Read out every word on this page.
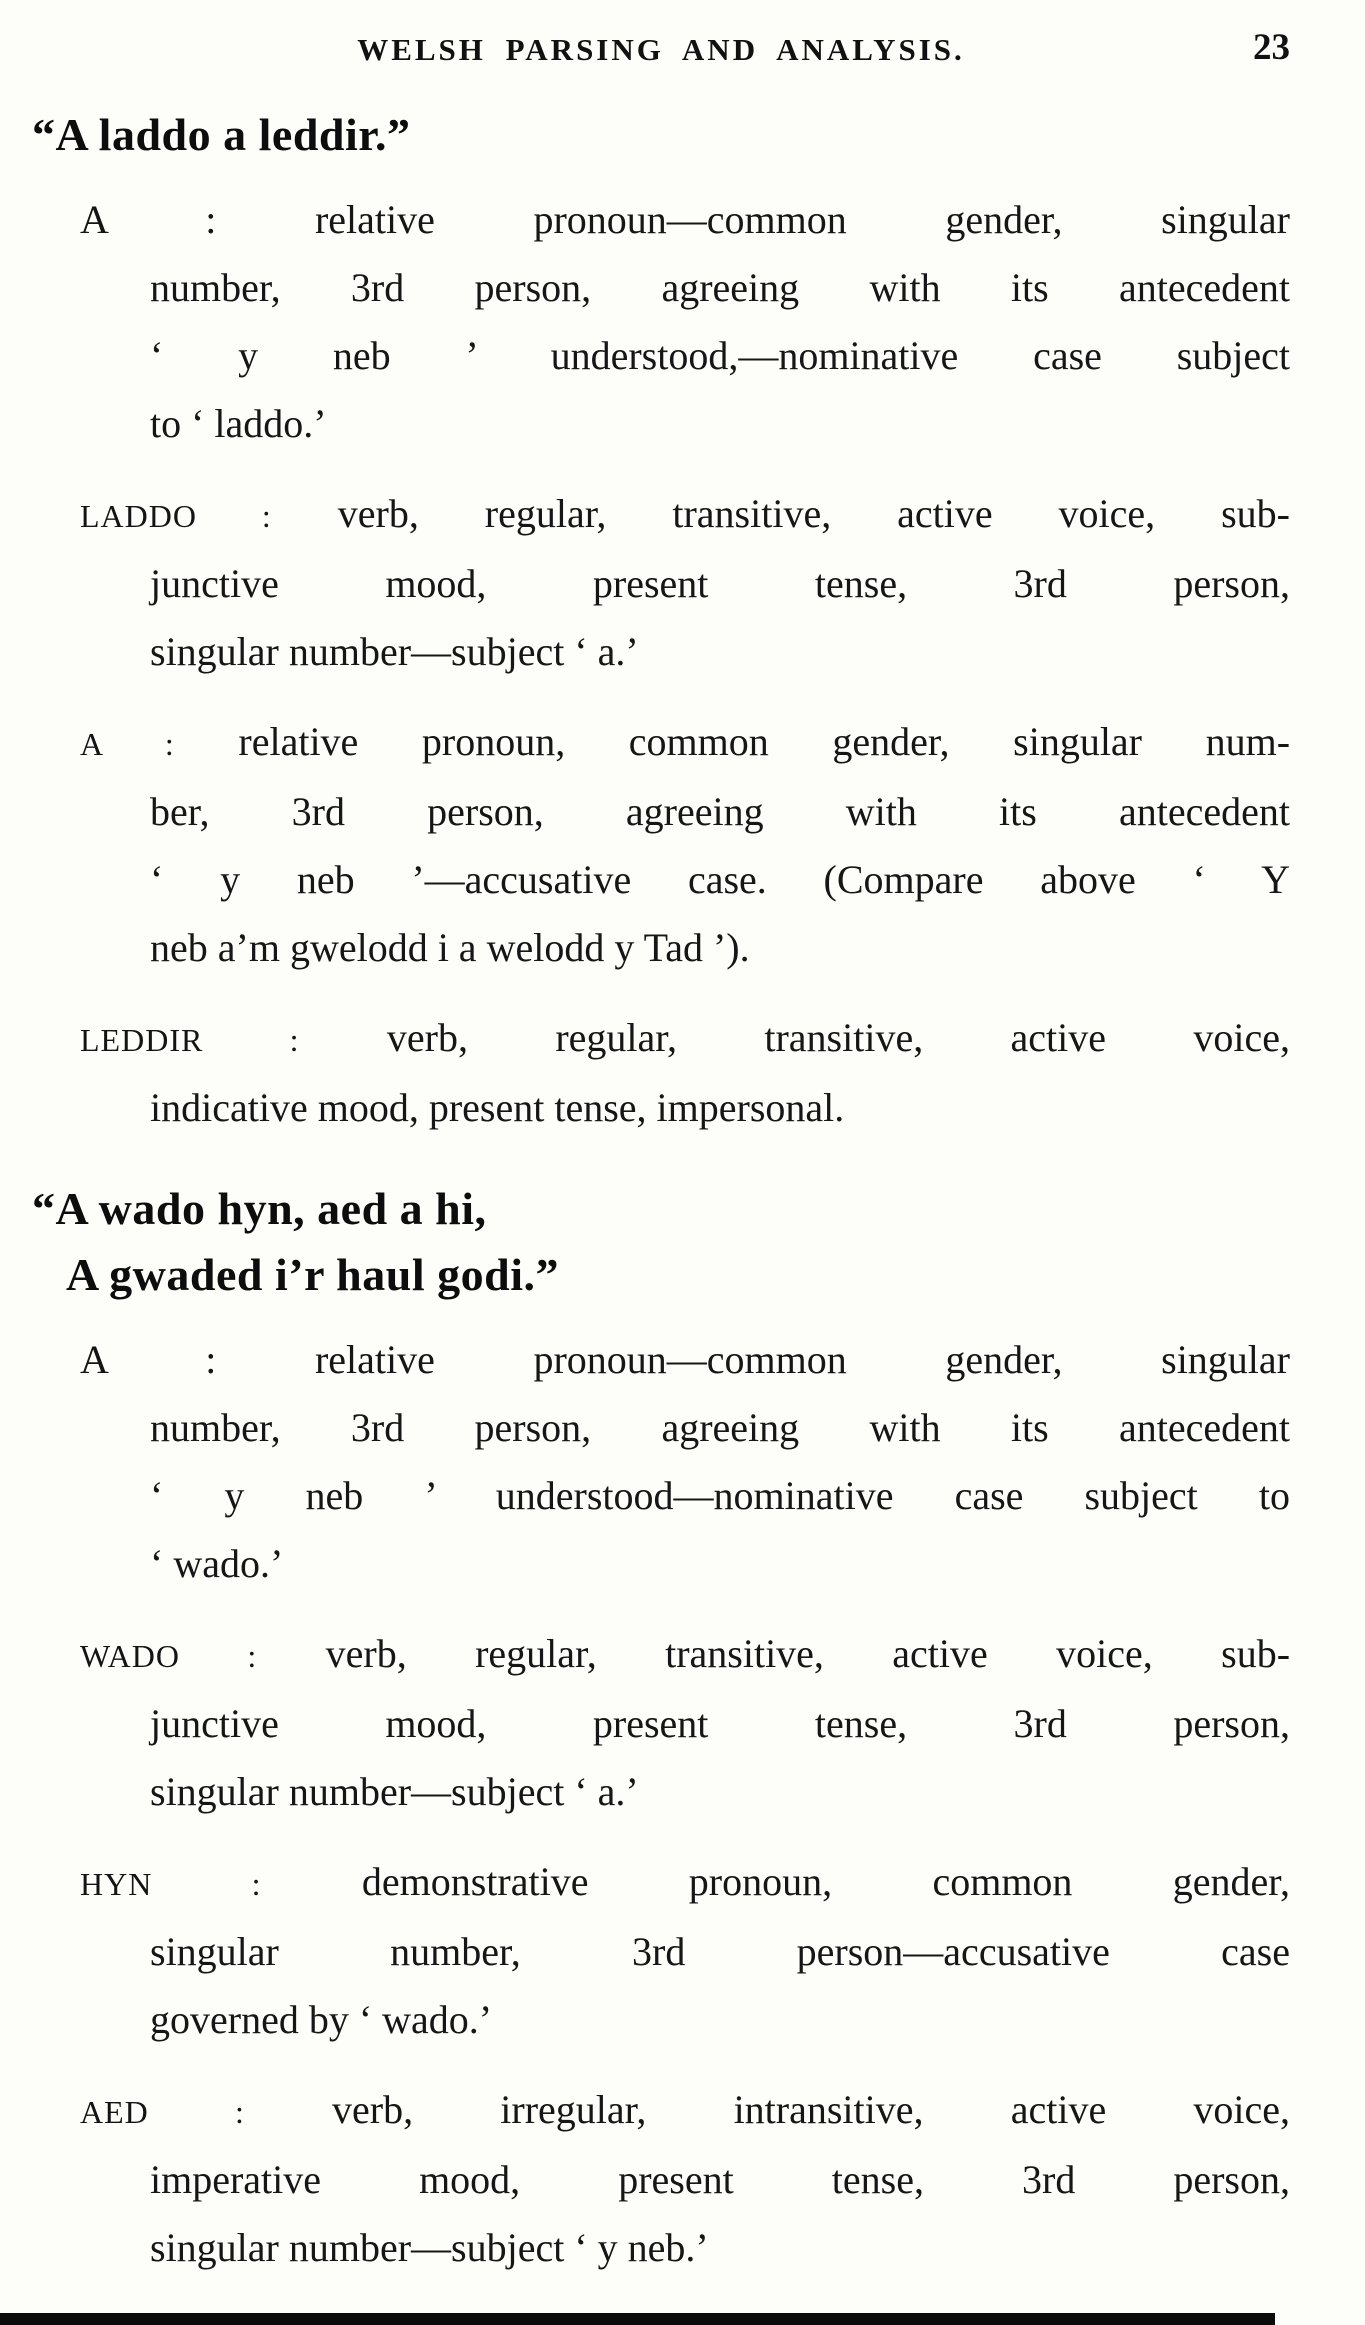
WELSH PARSING AND ANALYSIS.	23
“A laddo a leddir.”
A : relative pronoun—common gender, singular
number, 3rd person, agreeing with its antecedent
‘ y neb ’ understood,—nominative case subject
to ‘ laddo.’
LADDO : verb, regular, transitive, active voice, sub-
junctive mood, present tense, 3rd person,
singular number—subject ‘ a.’
A : relative pronoun, common gender, singular num-
ber, 3rd person, agreeing with its antecedent
‘ y neb ’—accusative case. (Compare above ‘ Y
neb a’m gwelodd i a welodd y Tad ’).
LEDDIR : verb, regular, transitive, active voice,
indicative mood, present tense, impersonal.
“A wado hyn, aed a hi,
A gwaded i’r haul godi.”
A : relative pronoun—common gender, singular
number, 3rd person, agreeing with its antecedent
‘ y neb ’ understood—nominative case subject to
‘ wado.’
WADO : verb, regular, transitive, active voice, sub-
junctive mood, present tense, 3rd person,
singular number—subject ‘ a.’
HYN :	demonstrative pronoun, common gender,
singular number, 3rd person—accusative case
governed by ‘ wado.’
AED : verb, irregular, intransitive, active voice,
imperative mood, present tense, 3rd person,
singular number—subject ‘ y neb.’
